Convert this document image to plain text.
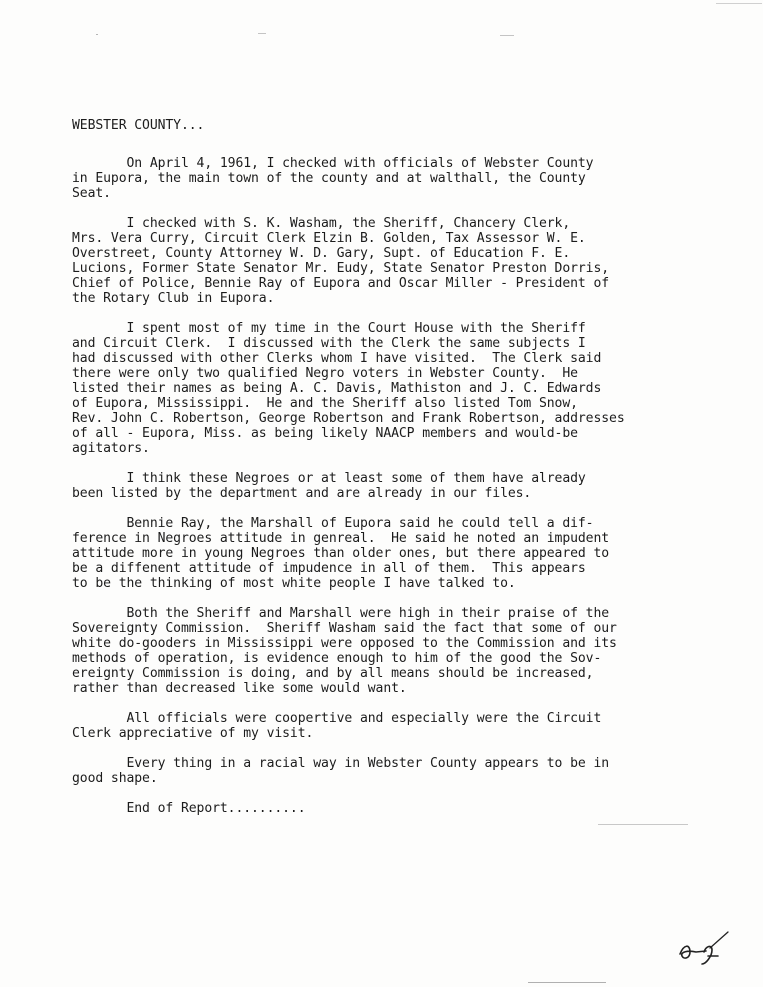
WEBSTER COUNTY...
On April 4, 1961, I checked with officials of Webster County
in Eupora, the main town of the county and at walthall, the County
Seat.
I checked with S. K. Washam, the Sheriff, Chancery Clerk,
Mrs. Vera Curry, Circuit Clerk Elzin B. Golden, Tax Assessor W. E.
Overstreet, County Attorney W. D. Gary, Supt. of Education F. E.
Lucions, Former State Senator Mr. Eudy, State Senator Preston Dorris,
Chief of Police, Bennie Ray of Eupora and Oscar Miller - President of
the Rotary Club in Eupora.
I spent most of my time in the Court House with the Sheriff
and Circuit Clerk.  I discussed with the Clerk the same subjects I
had discussed with other Clerks whom I have visited.  The Clerk said
there were only two qualified Negro voters in Webster County.  He
listed their names as being A. C. Davis, Mathiston and J. C. Edwards
of Eupora, Mississippi.  He and the Sheriff also listed Tom Snow,
Rev. John C. Robertson, George Robertson and Frank Robertson, addresses
of all - Eupora, Miss. as being likely NAACP members and would-be
agitators.
I think these Negroes or at least some of them have already
been listed by the department and are already in our files.
Bennie Ray, the Marshall of Eupora said he could tell a dif-
ference in Negroes attitude in genreal.  He said he noted an impudent
attitude more in young Negroes than older ones, but there appeared to
be a diffenent attitude of impudence in all of them.  This appears
to be the thinking of most white people I have talked to.
Both the Sheriff and Marshall were high in their praise of the
Sovereignty Commission.  Sheriff Washam said the fact that some of our
white do-gooders in Mississippi were opposed to the Commission and its
methods of operation, is evidence enough to him of the good the Sov-
ereignty Commission is doing, and by all means should be increased,
rather than decreased like some would want.
All officials were coopertive and especially were the Circuit
Clerk appreciative of my visit.
Every thing in a racial way in Webster County appears to be in
good shape.
End of Report..........
